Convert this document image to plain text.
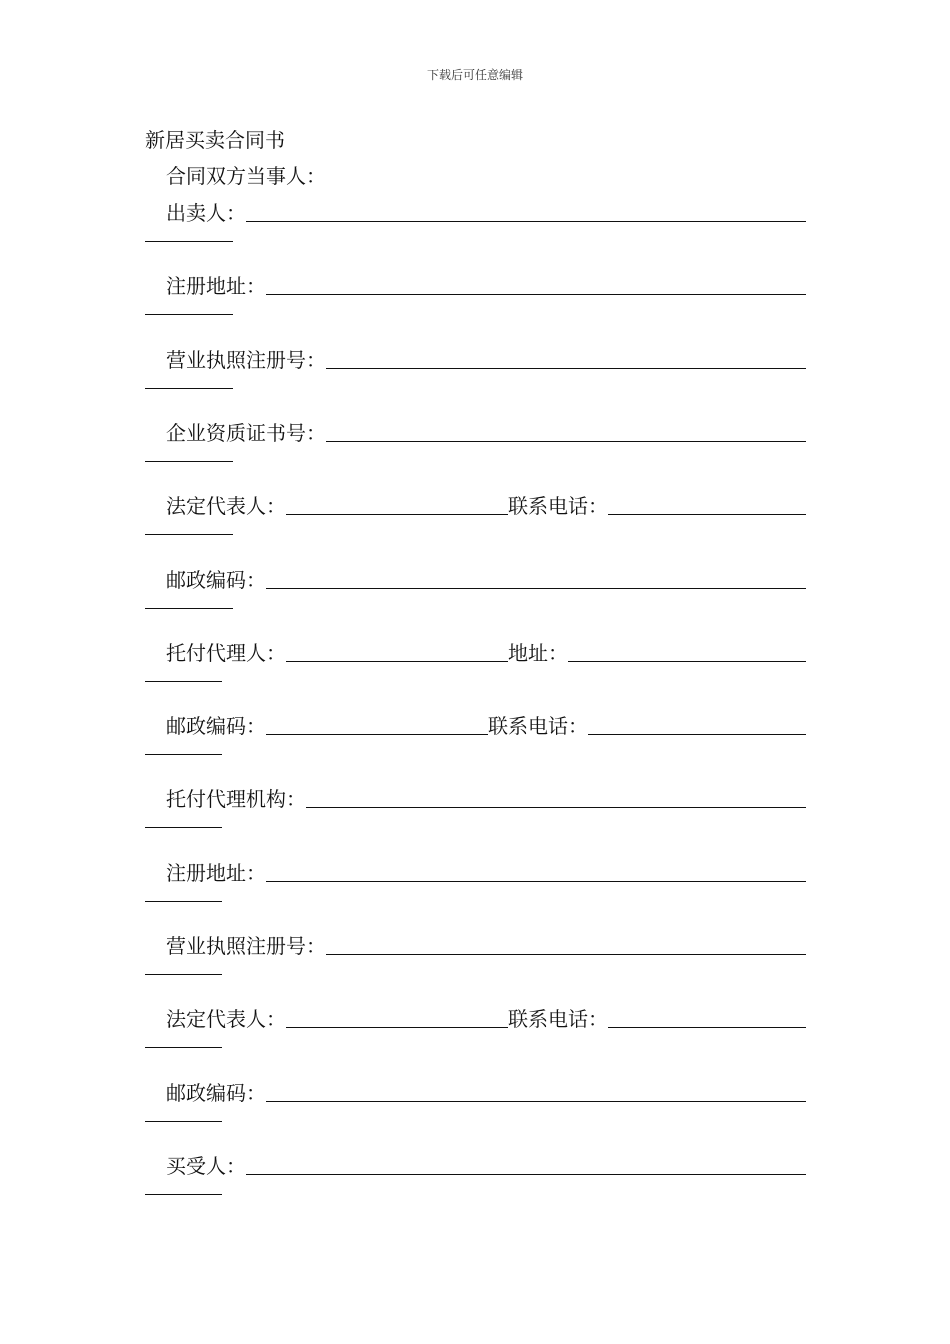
下载后可任意编辑
新居买卖合同书
合同双方当事人：
出卖人：
注册地址：
营业执照注册号：
企业资质证书号：
法定代表人：	联系电话：
邮政编码：
托付代理人：	地址：
邮政编码：	联系电话：
托付代理机构：
注册地址：
营业执照注册号：
法定代表人：	联系电话：
邮政编码：
买受人：
